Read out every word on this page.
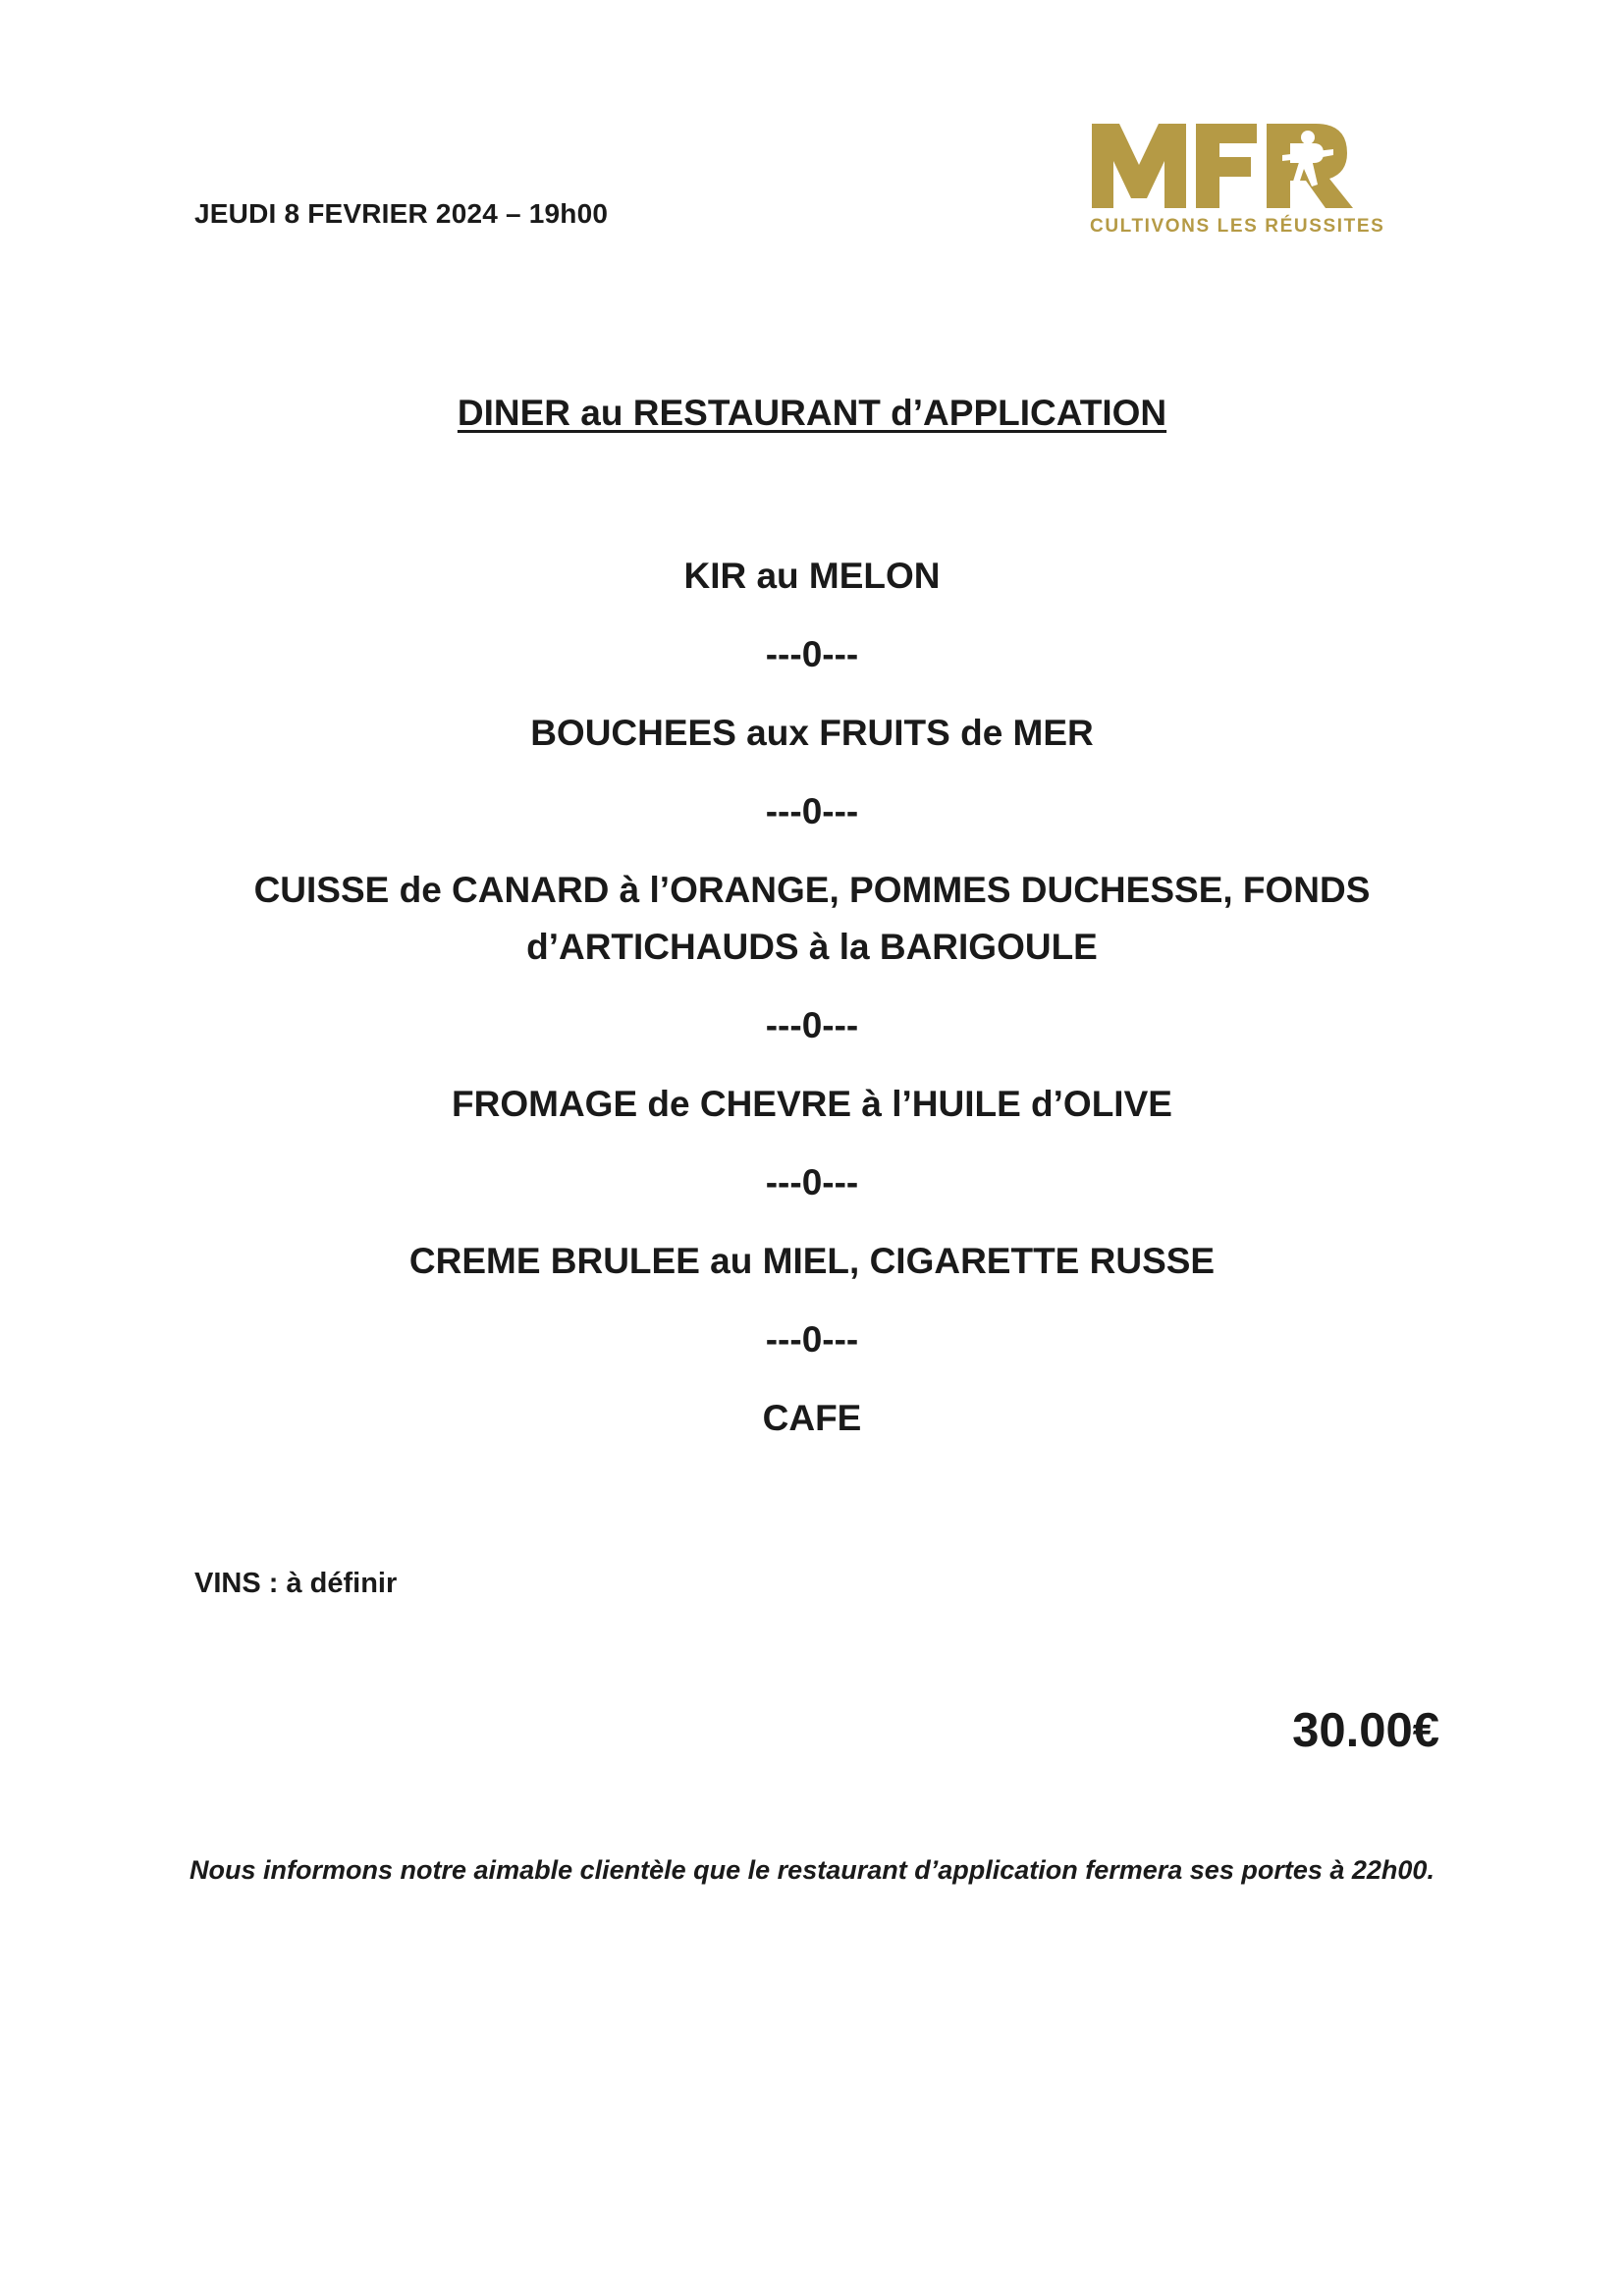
JEUDI 8 FEVRIER 2024 – 19h00	CULTIVONS LES RÉUSSITES
DINER au RESTAURANT d’APPLICATION
KIR au MELON
---0---
BOUCHEES aux FRUITS de MER
---0---
CUISSE de CANARD à l’ORANGE, POMMES DUCHESSE, FONDS d’ARTICHAUDS à la BARIGOULE
---0---
FROMAGE de CHEVRE à l’HUILE d’OLIVE
---0---
CREME BRULEE au MIEL, CIGARETTE RUSSE
---0---
CAFE
VINS : à définir
30.00€
Nous informons notre aimable clientèle que le restaurant d’application fermera ses portes à 22h00.
